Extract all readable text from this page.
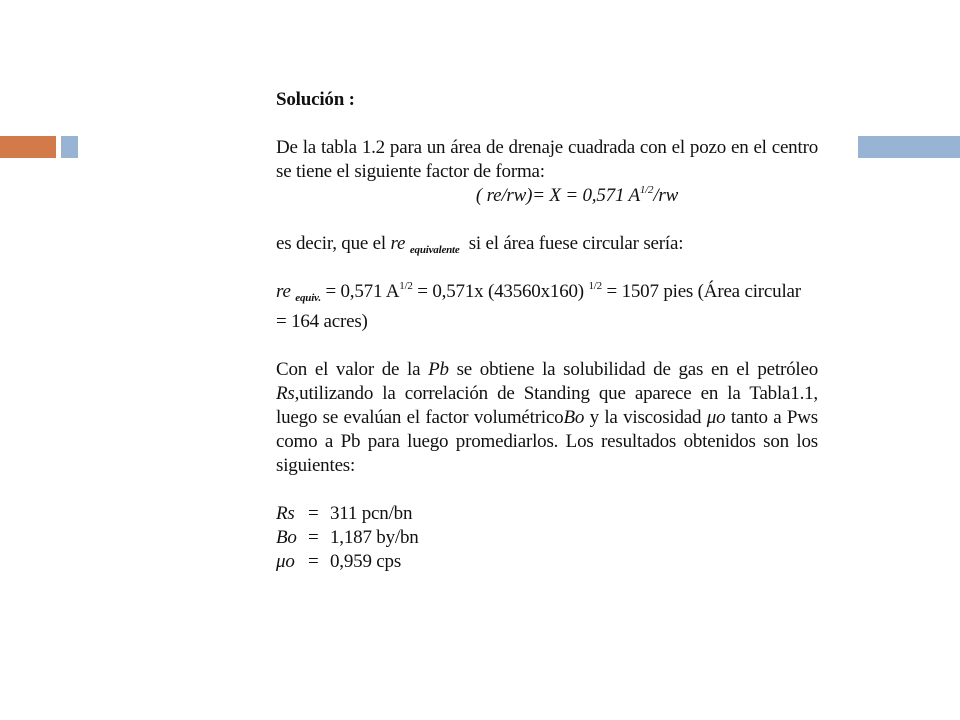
Solución :

De la tabla 1.2 para un área de drenaje cuadrada con el pozo en el centro se tiene el siguiente factor de forma:

( re/rw)= X = 0,571 $A^{1/2}/rw$

es decir, que el re $_{equivalente}$ si el área fuese circular sería:

re $_{equiv.}$ = 0,571 $A^{1/2} = 0,571x$ (43560x160) $^{1/2}$ = 1507 pies (Área circular
= 164 acres)

Con el valor de la Pb se obtiene la solubilidad de gas en el petróleo Rs,utilizando la correlación de Standing que aparece en la Tabla1.1, luego se evalúan el factor volumétricoBo y la viscosidad μo tanto a Pws como a Pb para luego promediarlos. Los resultados obtenidos son los siguientes:

Rs = 311 pcn/bn
Bo = 1,187 by/bn
μo = 0,959 cps
